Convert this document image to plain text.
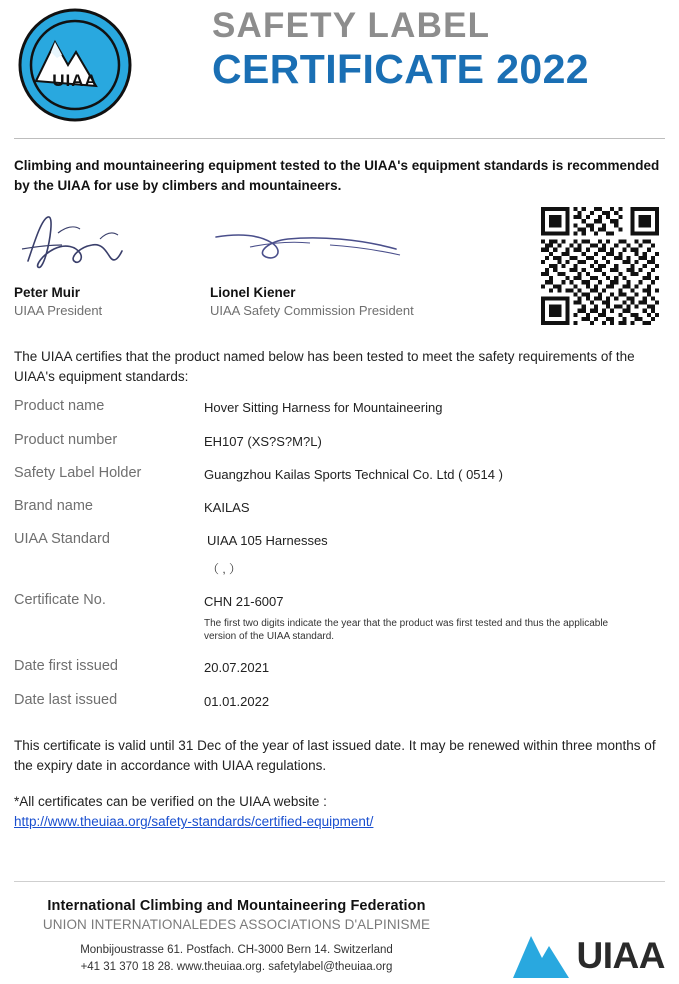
UIAA
SAFETY LABEL
CERTIFICATE 2022
Climbing and mountaineering equipment tested to the UIAA's equipment standards is recommended by the UIAA for use by climbers and mountaineers.
Peter Muir
UIAA President
Lionel Kiener
UIAA Safety Commission President
The UIAA certifies that the product named below has been tested to meet the safety requirements of the UIAA's equipment standards:
Product name	Hover Sitting Harness for Mountaineering
Product number	EH107 (XS?S?M?L)
Safety Label Holder	Guangzhou Kailas Sports Technical Co. Ltd ( 0514 )
Brand name	KAILAS
UIAA Standard	UIAA 105 Harnesses
（ , ）
Certificate No.	CHN 21-6007
The first two digits indicate the year that the product was first tested and thus the applicable version of the UIAA standard.
Date first issued	20.07.2021
Date last issued	01.01.2022
This certificate is valid until 31 Dec of the year of last issued date. It may be renewed within three months of the expiry date in accordance with UIAA regulations.
*All certificates can be verified on the UIAA website :
http://www.theuiaa.org/safety-standards/certified-equipment/
International Climbing and Mountaineering Federation
UNION INTERNATIONALEDES ASSOCIATIONS D'ALPINISME
Monbijoustrasse 61. Postfach. CH-3000 Bern 14. Switzerland
+41 31 370 18 28. www.theuiaa.org. safetylabel@theuiaa.org	UIAA
